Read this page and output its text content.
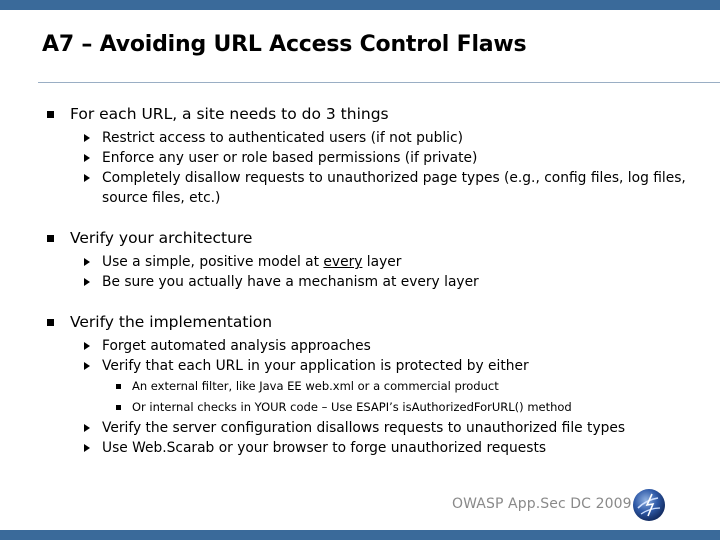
A7 – Avoiding URL Access Control Flaws
For each URL, a site needs to do 3 things
Restrict access to authenticated users (if not public)
Enforce any user or role based permissions (if private)
Completely disallow requests to unauthorized page types (e.g., config files, log files, source files, etc.)
Verify your architecture
Use a simple, positive model at every layer
Be sure you actually have a mechanism at every layer
Verify the implementation
Forget automated analysis approaches
Verify that each URL in your application is protected by either
An external filter, like Java EE web.xml or a commercial product
Or internal checks in YOUR code – Use ESAPI’s isAuthorizedForURL() method
Verify the server configuration disallows requests to unauthorized file types
Use Web.Scarab or your browser to forge unauthorized requests
OWASP App.Sec DC 2009
